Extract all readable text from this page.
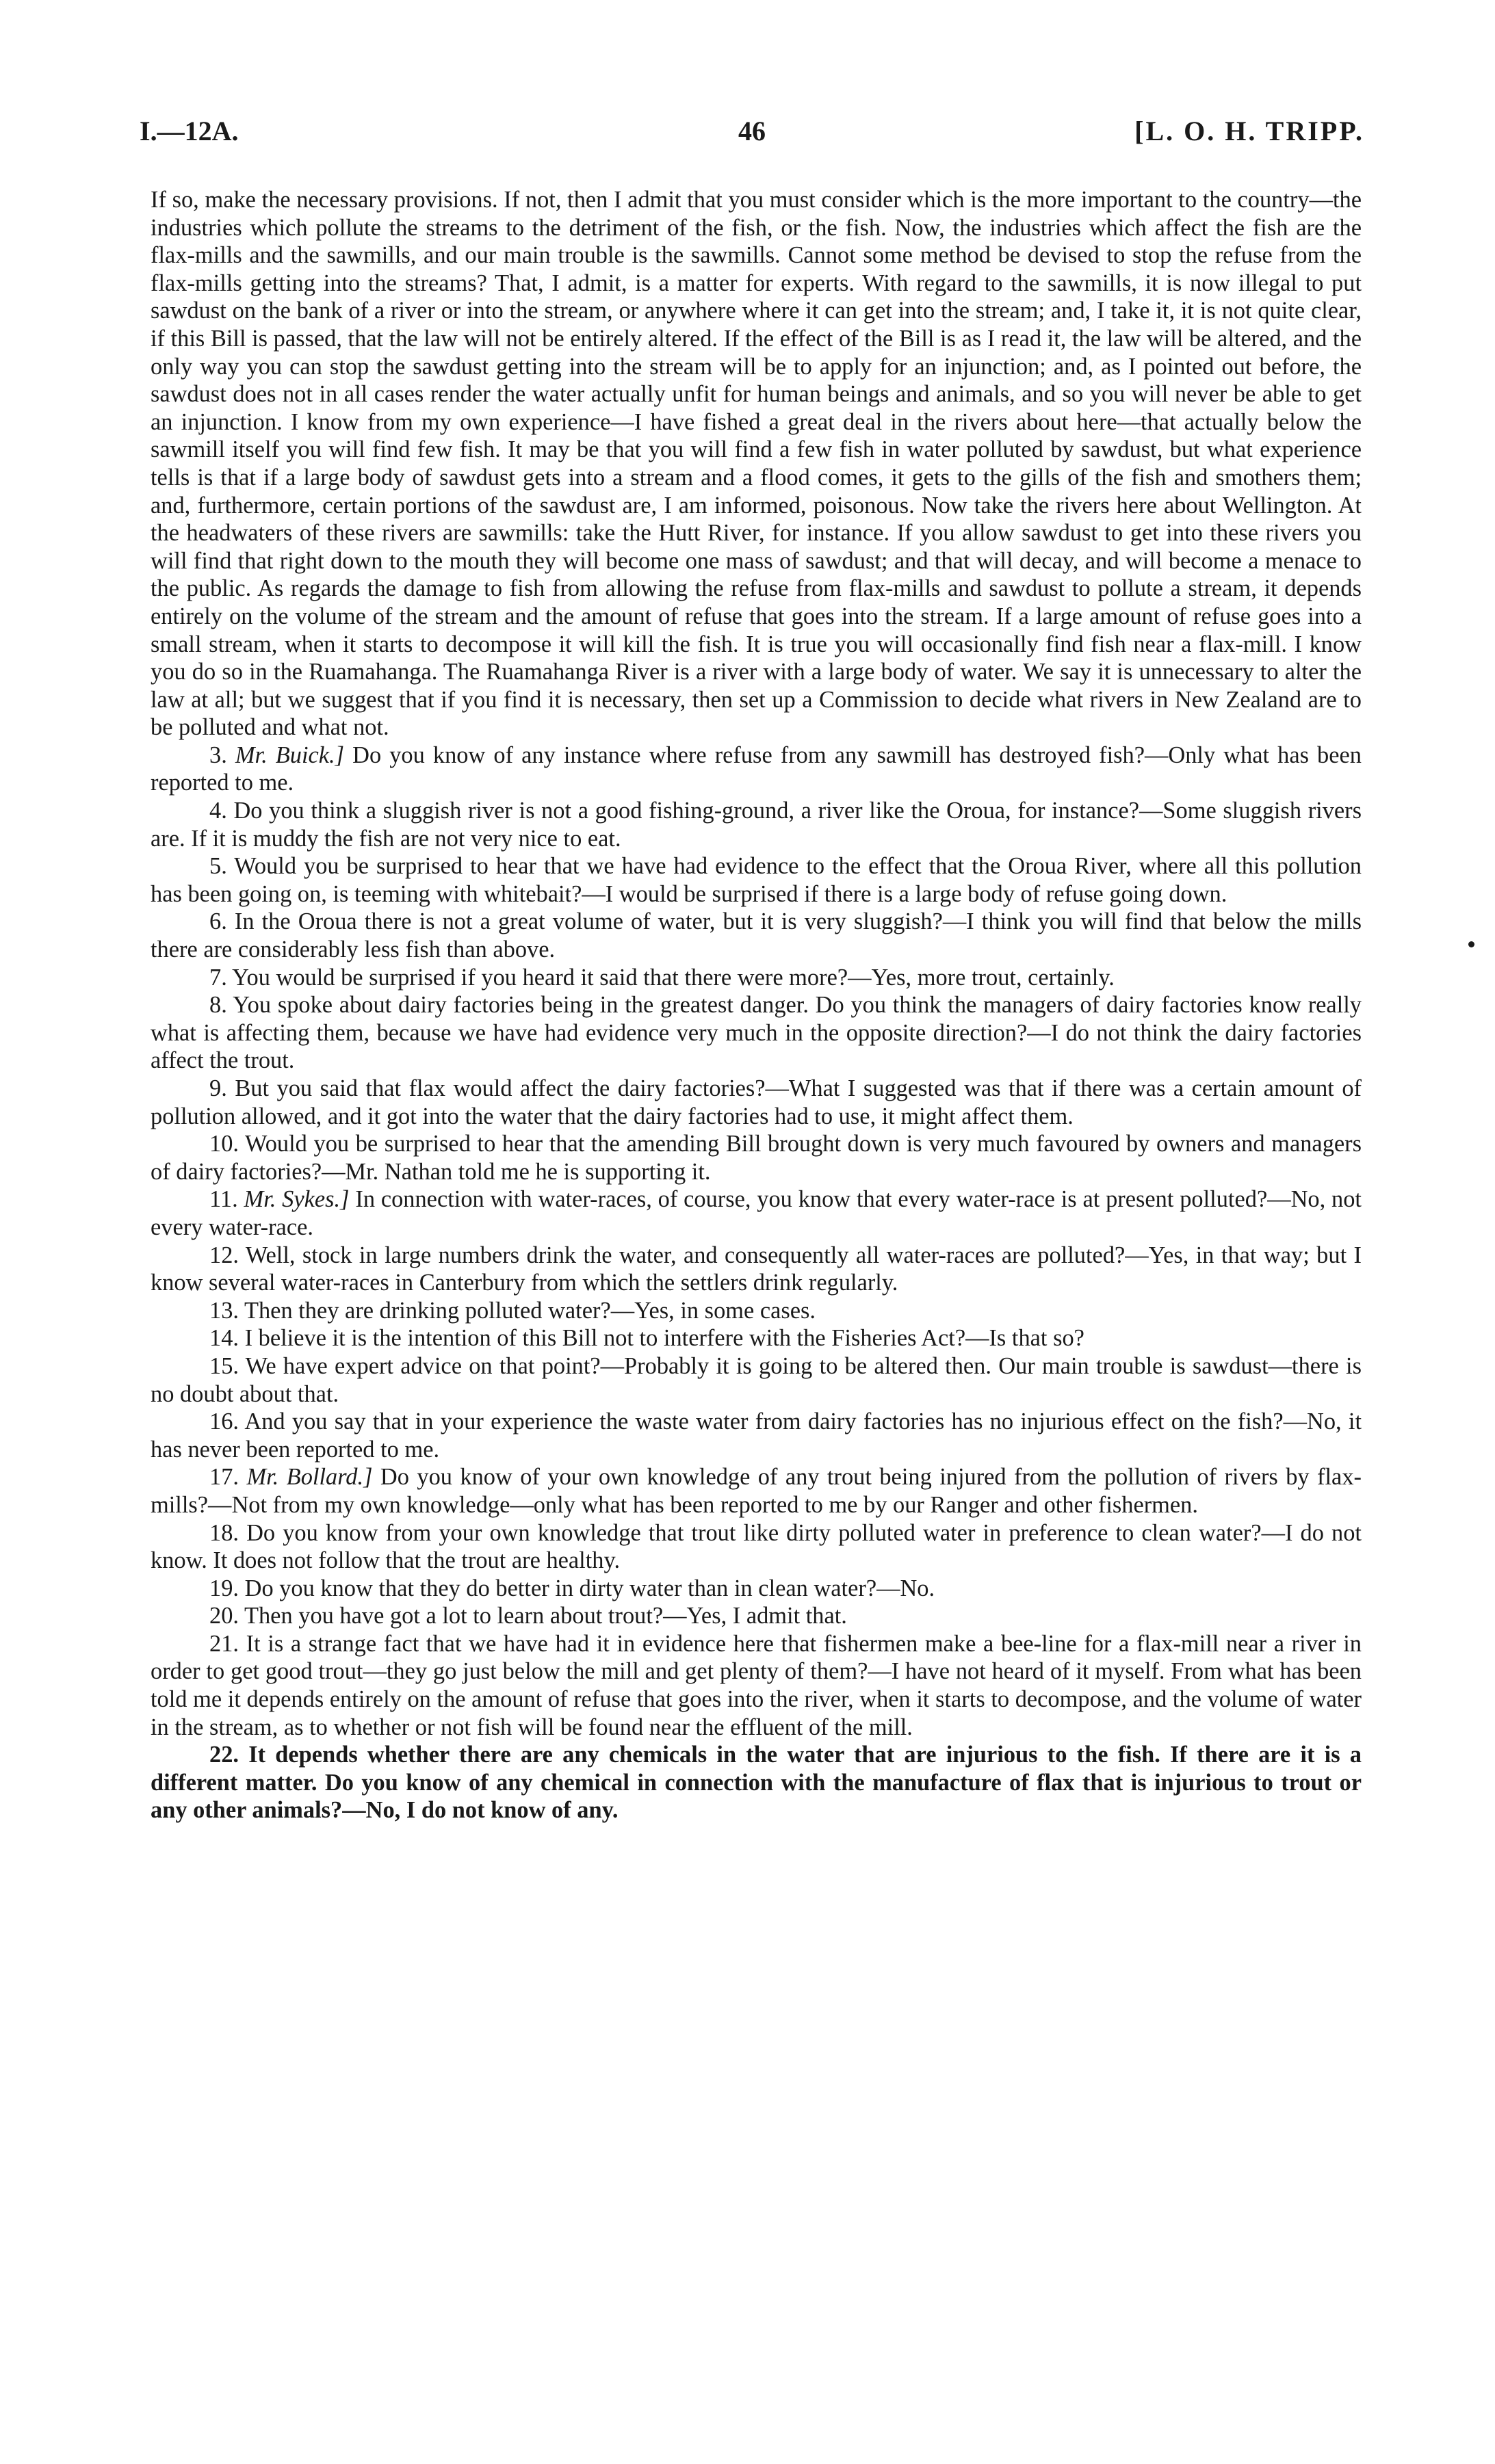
I.—12A.	46	[L. O. H. TRIPP.

If so, make the necessary provisions. If not, then I admit that you must consider which is the more important to the country—the industries which pollute the streams to the detriment of the fish, or the fish. Now, the industries which affect the fish are the flax-mills and the sawmills, and our main trouble is the sawmills. Cannot some method be devised to stop the refuse from the flax-mills getting into the streams? That, I admit, is a matter for experts. With regard to the sawmills, it is now illegal to put sawdust on the bank of a river or into the stream, or anywhere where it can get into the stream; and, I take it, it is not quite clear, if this Bill is passed, that the law will not be entirely altered. If the effect of the Bill is as I read it, the law will be altered, and the only way you can stop the sawdust getting into the stream will be to apply for an injunction; and, as I pointed out before, the sawdust does not in all cases render the water actually unfit for human beings and animals, and so you will never be able to get an injunction. I know from my own experience—I have fished a great deal in the rivers about here—that actually below the sawmill itself you will find few fish. It may be that you will find a few fish in water polluted by sawdust, but what experience tells is that if a large body of sawdust gets into a stream and a flood comes, it gets to the gills of the fish and smothers them; and, furthermore, certain portions of the sawdust are, I am informed, poisonous. Now take the rivers here about Wellington. At the headwaters of these rivers are sawmills: take the Hutt River, for instance. If you allow sawdust to get into these rivers you will find that right down to the mouth they will become one mass of sawdust; and that will decay, and will become a menace to the public. As regards the damage to fish from allowing the refuse from flax-mills and sawdust to pollute a stream, it depends entirely on the volume of the stream and the amount of refuse that goes into the stream. If a large amount of refuse goes into a small stream, when it starts to decompose it will kill the fish. It is true you will occasionally find fish near a flax-mill. I know you do so in the Ruamahanga. The Ruamahanga River is a river with a large body of water. We say it is unnecessary to alter the law at all; but we suggest that if you find it is necessary, then set up a Commission to decide what rivers in New Zealand are to be polluted and what not.

3. Mr. Buick.] Do you know of any instance where refuse from any sawmill has destroyed fish?—Only what has been reported to me.

4. Do you think a sluggish river is not a good fishing-ground, a river like the Oroua, for instance?—Some sluggish rivers are. If it is muddy the fish are not very nice to eat.

5. Would you be surprised to hear that we have had evidence to the effect that the Oroua River, where all this pollution has been going on, is teeming with whitebait?—I would be surprised if there is a large body of refuse going down.

6. In the Oroua there is not a great volume of water, but it is very sluggish?—I think you will find that below the mills there are considerably less fish than above.

7. You would be surprised if you heard it said that there were more?—Yes, more trout, certainly.

8. You spoke about dairy factories being in the greatest danger. Do you think the managers of dairy factories know really what is affecting them, because we have had evidence very much in the opposite direction?—I do not think the dairy factories affect the trout.

9. But you said that flax would affect the dairy factories?—What I suggested was that if there was a certain amount of pollution allowed, and it got into the water that the dairy factories had to use, it might affect them.

10. Would you be surprised to hear that the amending Bill brought down is very much favoured by owners and managers of dairy factories?—Mr. Nathan told me he is supporting it.

11. Mr. Sykes.] In connection with water-races, of course, you know that every water-race is at present polluted?—No, not every water-race.

12. Well, stock in large numbers drink the water, and consequently all water-races are polluted?—Yes, in that way; but I know several water-races in Canterbury from which the settlers drink regularly.

13. Then they are drinking polluted water?—Yes, in some cases.

14. I believe it is the intention of this Bill not to interfere with the Fisheries Act?—Is that so?

15. We have expert advice on that point?—Probably it is going to be altered then. Our main trouble is sawdust—there is no doubt about that.

16. And you say that in your experience the waste water from dairy factories has no injurious effect on the fish?—No, it has never been reported to me.

17. Mr. Bollard.] Do you know of your own knowledge of any trout being injured from the pollution of rivers by flax-mills?—Not from my own knowledge—only what has been reported to me by our Ranger and other fishermen.

18. Do you know from your own knowledge that trout like dirty polluted water in preference to clean water?—I do not know. It does not follow that the trout are healthy.

19. Do you know that they do better in dirty water than in clean water?—No.

20. Then you have got a lot to learn about trout?—Yes, I admit that.

21. It is a strange fact that we have had it in evidence here that fishermen make a bee-line for a flax-mill near a river in order to get good trout—they go just below the mill and get plenty of them?—I have not heard of it myself. From what has been told me it depends entirely on the amount of refuse that goes into the river, when it starts to decompose, and the volume of water in the stream, as to whether or not fish will be found near the effluent of the mill.

22. It depends whether there are any chemicals in the water that are injurious to the fish. If there are it is a different matter. Do you know of any chemical in connection with the manufacture of flax that is injurious to trout or any other animals?—No, I do not know of any.
